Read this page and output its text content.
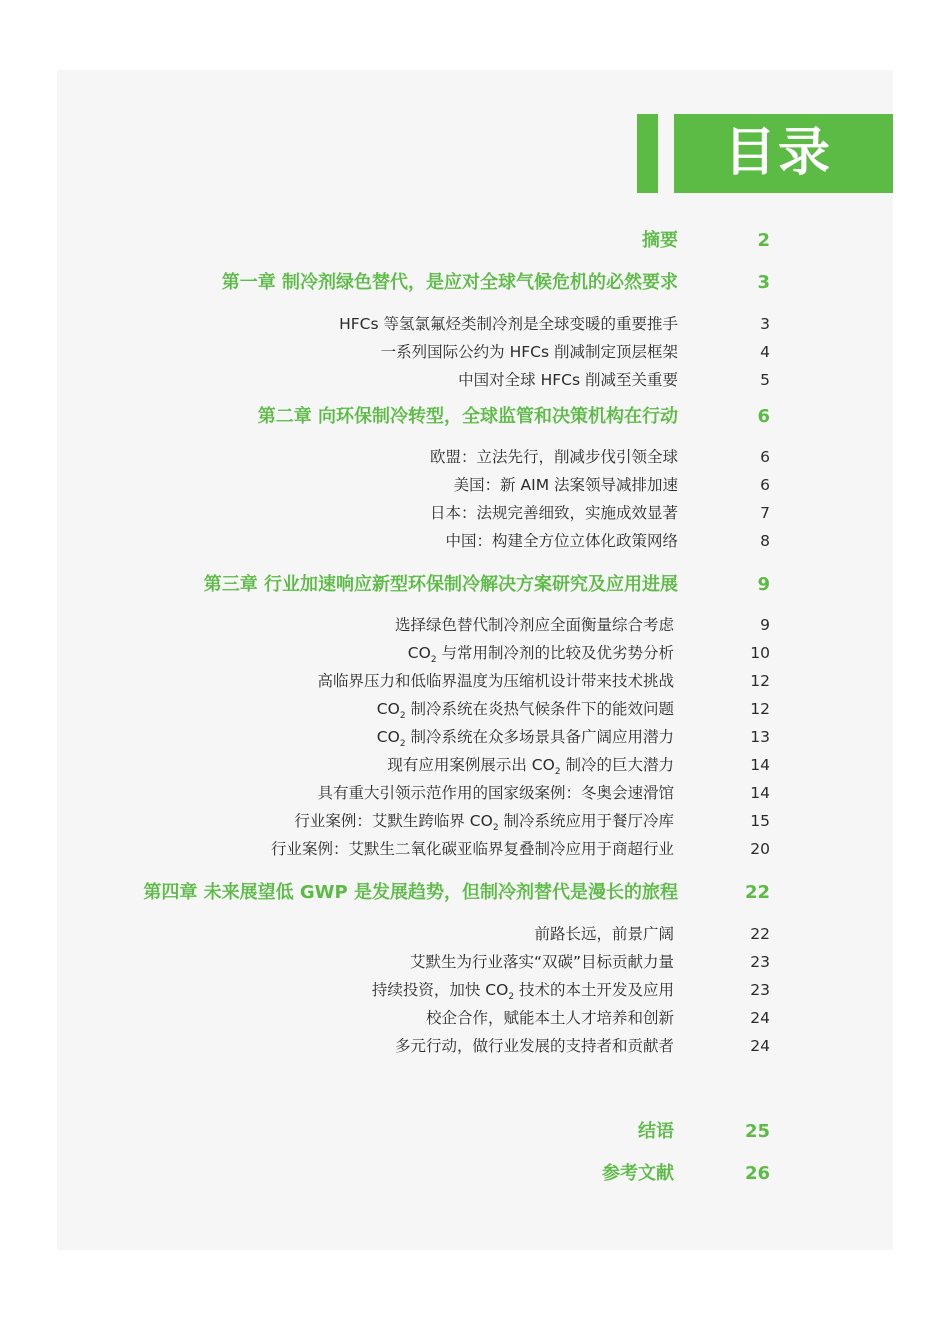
目录
摘要	2
第一章 制冷剂绿色替代，是应对全球气候危机的必然要求	3
HFCs 等氢氯氟烃类制冷剂是全球变暖的重要推手	3
一系列国际公约为 HFCs 削减制定顶层框架	4
中国对全球 HFCs 削减至关重要	5
第二章 向环保制冷转型，全球监管和决策机构在行动	6
欧盟：立法先行，削减步伐引领全球	6
美国：新 AIM 法案领导减排加速	6
日本：法规完善细致，实施成效显著	7
中国：构建全方位立体化政策网络	8
第三章 行业加速响应新型环保制冷解决方案研究及应用进展	9
选择绿色替代制冷剂应全面衡量综合考虑	9
$CO_2$ 与常用制冷剂的比较及优劣势分析	10
高临界压力和低临界温度为压缩机设计带来技术挑战	12
$CO_2$ 制冷系统在炎热气候条件下的能效问题	12
$CO_2$ 制冷系统在众多场景具备广阔应用潜力	13
现有应用案例展示出 $CO_2$ 制冷的巨大潜力	14
具有重大引领示范作用的国家级案例：冬奥会速滑馆	14
行业案例：艾默生跨临界 $CO_2$ 制冷系统应用于餐厅冷库	15
行业案例：艾默生二氧化碳亚临界复叠制冷应用于商超行业	20
第四章 未来展望低 GWP 是发展趋势，但制冷剂替代是漫长的旅程	22
前路长远，前景广阔	22
艾默生为行业落实“双碳”目标贡献力量	23
持续投资，加快 $CO_2$ 技术的本土开发及应用	23
校企合作，赋能本土人才培养和创新	24
多元行动，做行业发展的支持者和贡献者	24
结语	25
参考文献	26
